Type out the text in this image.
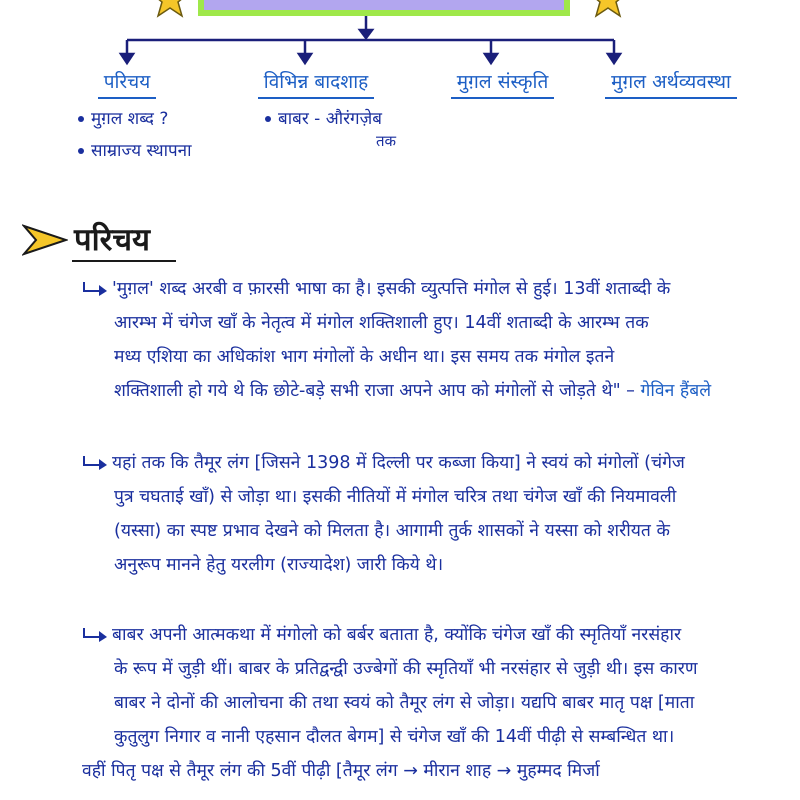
परिचय	विभिन्न बादशाह	मुग़ल संस्कृति	मुग़ल अर्थव्यवस्था
मुग़ल शब्द ?
साम्राज्य स्थापना
बाबर - औरंगज़ेब
तक
परिचय
'मुग़ल' शब्द अरबी व फ़ारसी भाषा का है। इसकी व्युत्पत्ति मंगोल से हुई। 13वीं शताब्दी के
आरम्भ में चंगेज खाँ के नेतृत्व में मंगोल शक्तिशाली हुए। 14वीं शताब्दी के आरम्भ तक
मध्य एशिया का अधिकांश भाग मंगोलों के अधीन था। इस समय तक मंगोल इतने
शक्तिशाली हो गये थे कि छोटे-बड़े सभी राजा अपने आप को मंगोलों से जोड़ते थे" – गेविन हैंबले
यहां तक कि तैमूर लंग [जिसने 1398 में दिल्ली पर कब्जा किया] ने स्वयं को मंगोलों (चंगेज
पुत्र चघताई खाँ) से जोड़ा था। इसकी नीतियों में मंगोल चरित्र तथा चंगेज खाँ की नियमावली
(यस्सा) का स्पष्ट प्रभाव देखने को मिलता है। आगामी तुर्क शासकों ने यस्सा को शरीयत के
अनुरूप मानने हेतु यरलीग (राज्यादेश) जारी किये थे।
बाबर अपनी आत्मकथा में मंगोलो को बर्बर बताता है, क्योंकि चंगेज खाँ की स्मृतियाँ नरसंहार
के रूप में जुड़ी थीं। बाबर के प्रतिद्वन्द्वी उज्बेगों की स्मृतियाँ भी नरसंहार से जुड़ी थी। इस कारण
बाबर ने दोनों की आलोचना की तथा स्वयं को तैमूर लंग से जोड़ा। यद्यपि बाबर मातृ पक्ष [माता
कुतुलुग निगार व नानी एहसान दौलत बेगम] से चंगेज खाँ की 14वीं पीढ़ी से सम्बन्धित था।
वहीं पितृ पक्ष से तैमूर लंग की 5वीं पीढ़ी [तैमूर लंग → मीरान शाह → मुहम्मद मिर्जा
